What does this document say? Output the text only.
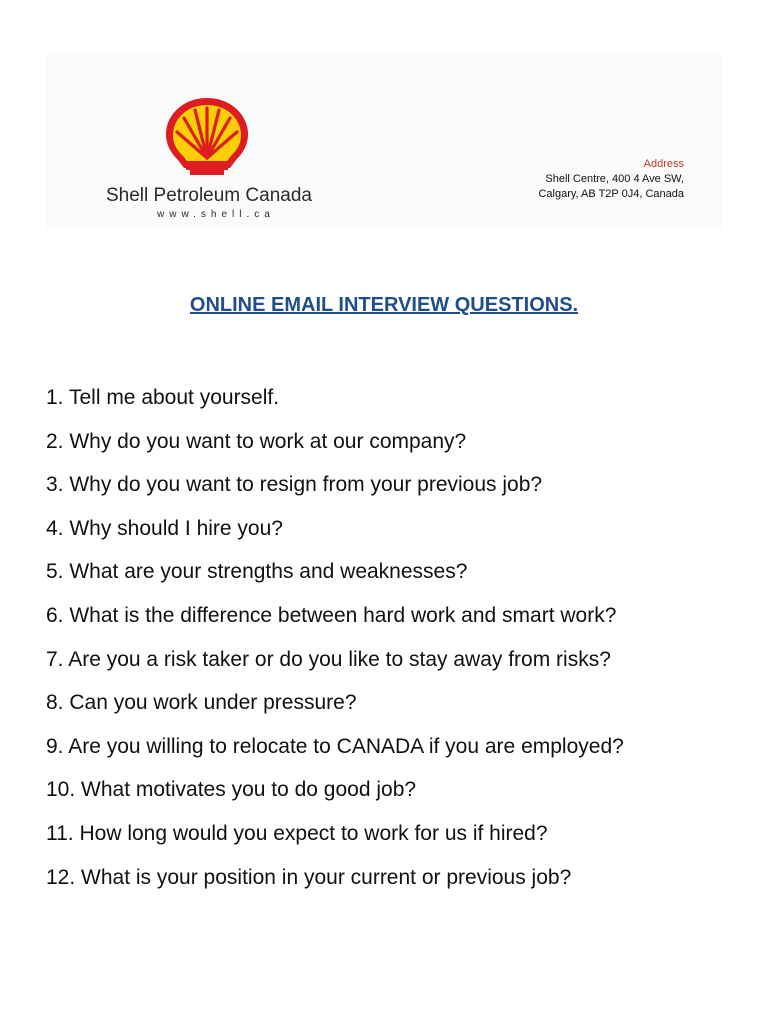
Shell Petroleum Canada
www.shell.ca
Address
Shell Centre, 400 4 Ave SW,
Calgary, AB T2P 0J4, Canada
ONLINE EMAIL INTERVIEW QUESTIONS.
1. Tell me about yourself.
2. Why do you want to work at our company?
3. Why do you want to resign from your previous job?
4. Why should I hire you?
5. What are your strengths and weaknesses?
6. What is the difference between hard work and smart work?
7. Are you a risk taker or do you like to stay away from risks?
8. Can you work under pressure?
9. Are you willing to relocate to CANADA if you are employed?
10. What motivates you to do good job?
11. How long would you expect to work for us if hired?
12. What is your position in your current or previous job?
